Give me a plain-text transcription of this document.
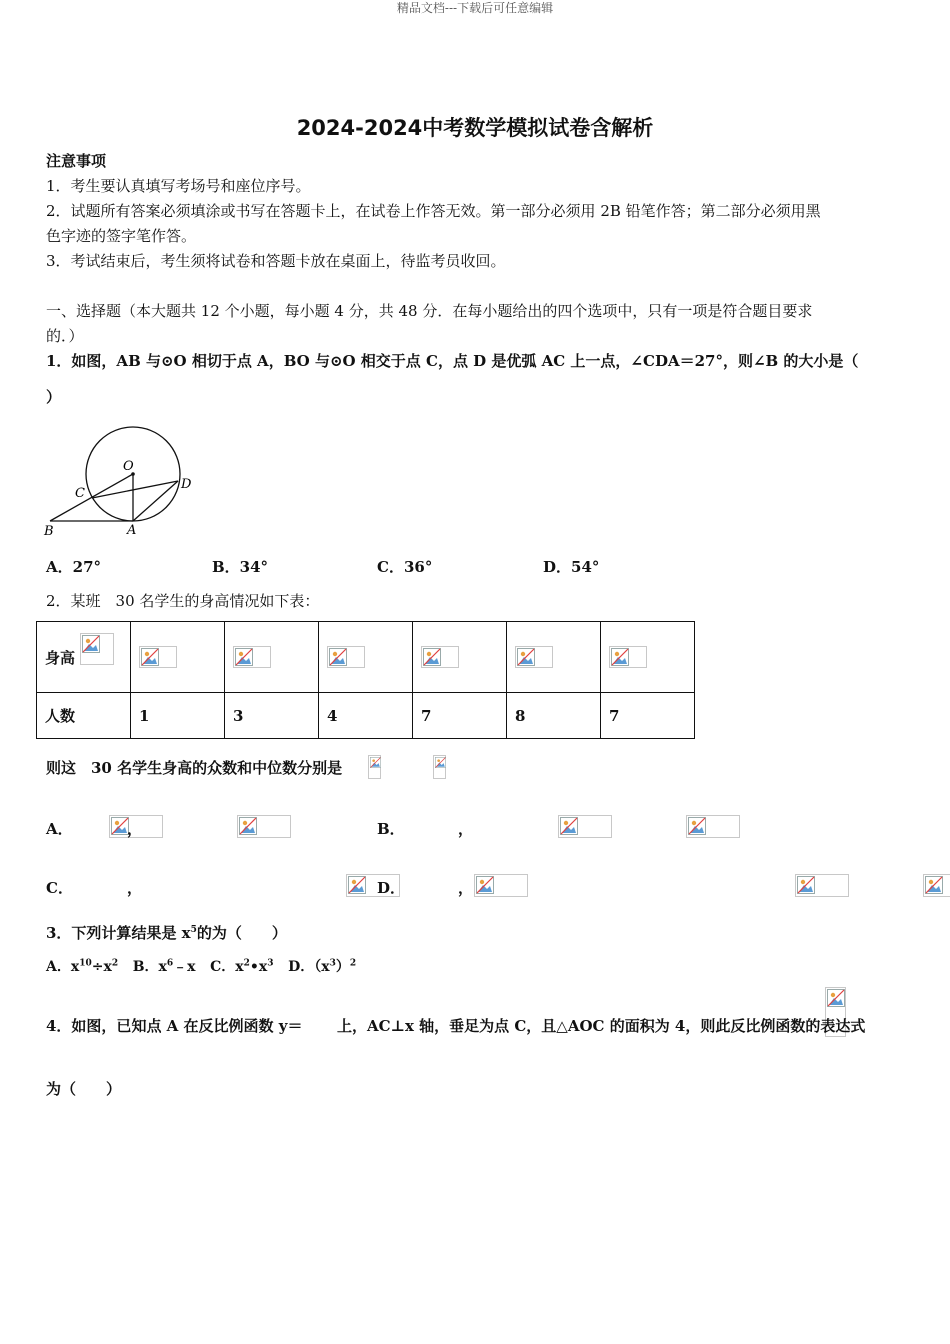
精品文档---下载后可任意编辑
2024-2024中考数学模拟试卷含解析
注意事项
1．考生要认真填写考场号和座位序号。
2．试题所有答案必须填涂或书写在答题卡上，在试卷上作答无效。第一部分必须用 2B 铅笔作答；第二部分必须用黑
色字迹的签字笔作答。
3．考试结束后，考生须将试卷和答题卡放在桌面上，待监考员收回。
一、选择题（本大题共 12 个小题，每小题 4 分，共 48 分．在每小题给出的四个选项中，只有一项是符合题目要求
的．）
1．如图，AB 与⊙O 相切于点 A，BO 与⊙O 相交于点 C，点 D 是优弧 AC 上一点，∠CDA＝27°，则∠B 的大小是（
）
O
C
D
B	A
A．27°	B．34°	C．36°	D．54°
2．某班　30 名学生的身高情况如下表：
身高

人数	1	3	4	7	8	7
则这　30 名学生身高的众数和中位数分别是

A．
	，
	B．
	，

C．
	，
	D．
	，

3．下列计算结果是 $x^5$的为（　　）
A．$x^{10}\div x^2$ B．$x^6﹣x$ C．$x^2•x^3$ D．$(x^3)^2$
4．如图，已知点 A 在反比例函数 y＝ 上，AC⊥x 轴，垂足为点 C，且△AOC 的面积为 4，则此反比例函数的表达式
为（　　）
